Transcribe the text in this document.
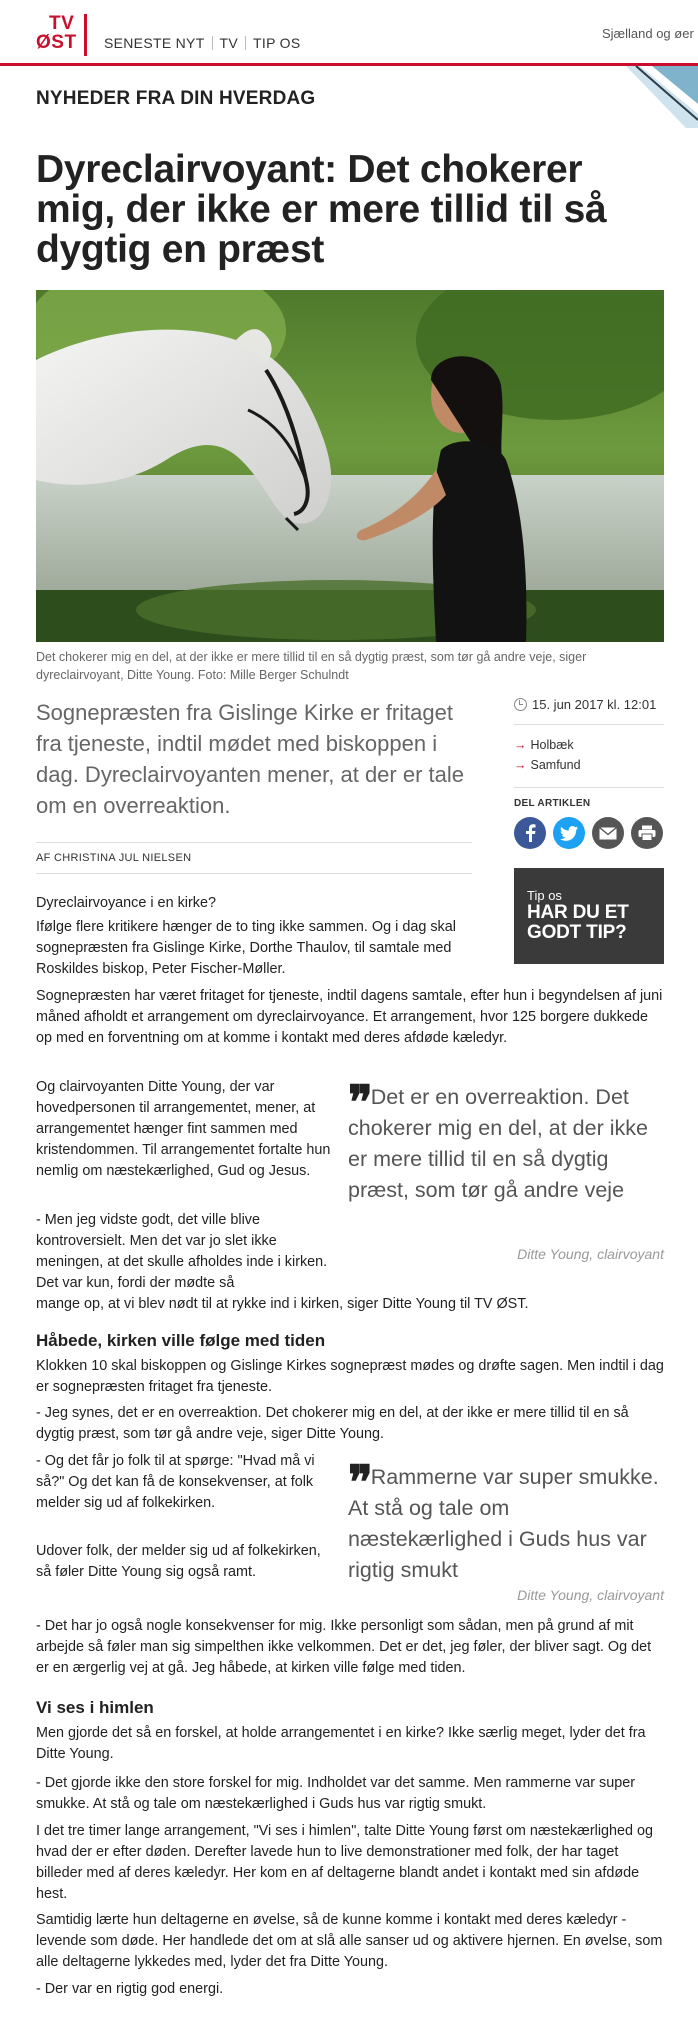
TV
ØST	SENESTE NYT	TV	TIP OS
Sjælland og øer
NYHEDER FRA DIN HVERDAG
Dyreclairvoyant: Det chokerer mig, der ikke er mere tillid til så dygtig en præst

Det chokerer mig en del, at der ikke er mere tillid til en så dygtig præst, som tør gå andre veje, siger dyreclairvoyant, Ditte Young. Foto: Mille Berger Schulndt

Sognepræsten fra Gislinge Kirke er fritaget fra tjeneste, indtil mødet med biskoppen i dag. Dyreclairvoyanten mener, at der er tale om en overreaktion.

AF CHRISTINA JUL NIELSEN
15. jun 2017 kl. 12:01
→ Holbæk
→ Samfund
DEL ARTIKLEN
Tip os
HAR DU ET GODT TIP?

Dyreclairvoyance i en kirke?

Ifølge flere kritikere hænger de to ting ikke sammen. Og i dag skal sognepræsten fra Gislinge Kirke, Dorthe Thaulov, til samtale med Roskildes biskop, Peter Fischer-Møller.

Sognepræsten har været fritaget for tjeneste, indtil dagens samtale, efter hun i begyndelsen af juni måned afholdt et arrangement om dyreclairvoyance. Et arrangement, hvor 125 borgere dukkede op med en forventning om at komme i kontakt med deres afdøde kæledyr.

Og clairvoyanten Ditte Young, der var hovedpersonen til arrangementet, mener, at arrangementet hænger fint sammen med kristendommen. Til arrangementet fortalte hun nemlig om næstekærlighed, Gud og Jesus.

- Men jeg vidste godt, det ville blive kontroversielt. Men det var jo slet ikke meningen, at det skulle afholdes inde i kirken. Det var kun, fordi der mødte så

mange op, at vi blev nødt til at rykke ind i kirken, siger Ditte Young til TV ØST.

❞ Det er en overreaktion. Det chokerer mig en del, at der ikke er mere tillid til en så dygtig præst, som tør gå andre veje
Ditte Young, clairvoyant
Håbede, kirken ville følge med tiden

Klokken 10 skal biskoppen og Gislinge Kirkes sognepræst mødes og drøfte sagen. Men indtil i dag er sognepræsten fritaget fra tjeneste.

- Jeg synes, det er en overreaktion. Det chokerer mig en del, at der ikke er mere tillid til en så dygtig præst, som tør gå andre veje, siger Ditte Young.

- Og det får jo folk til at spørge: "Hvad må vi så?" Og det kan få de konsekvenser, at folk melder sig ud af folkekirken.

Udover folk, der melder sig ud af folkekirken, så føler Ditte Young sig også ramt.

❞ Rammerne var super smukke. At stå og tale om næstekærlighed i Guds hus var rigtig smukt
Ditte Young, clairvoyant

- Det har jo også nogle konsekvenser for mig. Ikke personligt som sådan, men på grund af mit arbejde så føler man sig simpelthen ikke velkommen. Det er det, jeg føler, der bliver sagt. Og det er en ærgerlig vej at gå. Jeg håbede, at kirken ville følge med tiden.

Vi ses i himlen

Men gjorde det så en forskel, at holde arrangementet i en kirke? Ikke særlig meget, lyder det fra Ditte Young.

- Det gjorde ikke den store forskel for mig. Indholdet var det samme. Men rammerne var super smukke. At stå og tale om næstekærlighed i Guds hus var rigtig smukt.

I det tre timer lange arrangement, "Vi ses i himlen", talte Ditte Young først om næstekærlighed og hvad der er efter døden. Derefter lavede hun to live demonstrationer med folk, der har taget billeder med af deres kæledyr. Her kom en af deltagerne blandt andet i kontakt med sin afdøde hest.

Samtidig lærte hun deltagerne en øvelse, så de kunne komme i kontakt med deres kæledyr - levende som døde. Her handlede det om at slå alle sanser ud og aktivere hjernen. En øvelse, som alle deltagerne lykkedes med, lyder det fra Ditte Young.

- Der var en rigtig god energi.
